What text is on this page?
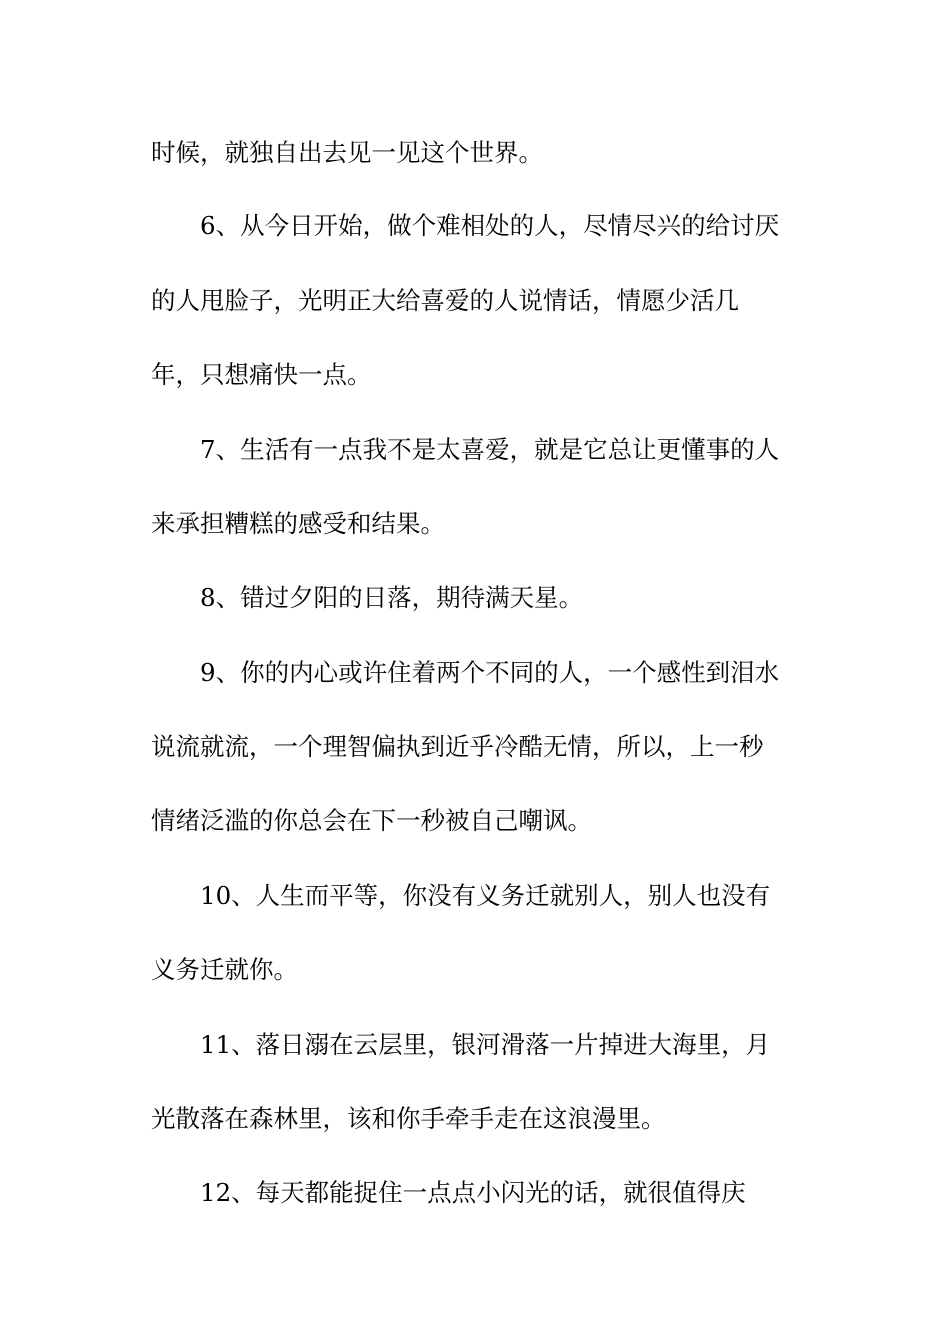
时候，就独自出去见一见这个世界。
6、从今日开始，做个难相处的人，尽情尽兴的给讨厌
的人甩脸子，光明正大给喜爱的人说情话，情愿少活几
年，只想痛快一点。
7、生活有一点我不是太喜爱，就是它总让更懂事的人
来承担糟糕的感受和结果。
8、错过夕阳的日落，期待满天星。
9、你的内心或许住着两个不同的人，一个感性到泪水
说流就流，一个理智偏执到近乎冷酷无情，所以，上一秒
情绪泛滥的你总会在下一秒被自己嘲讽。
10、人生而平等，你没有义务迁就别人，别人也没有
义务迁就你。
11、落日溺在云层里，银河滑落一片掉进大海里，月
光散落在森林里，该和你手牵手走在这浪漫里。
12、每天都能捉住一点点小闪光的话，就很值得庆
